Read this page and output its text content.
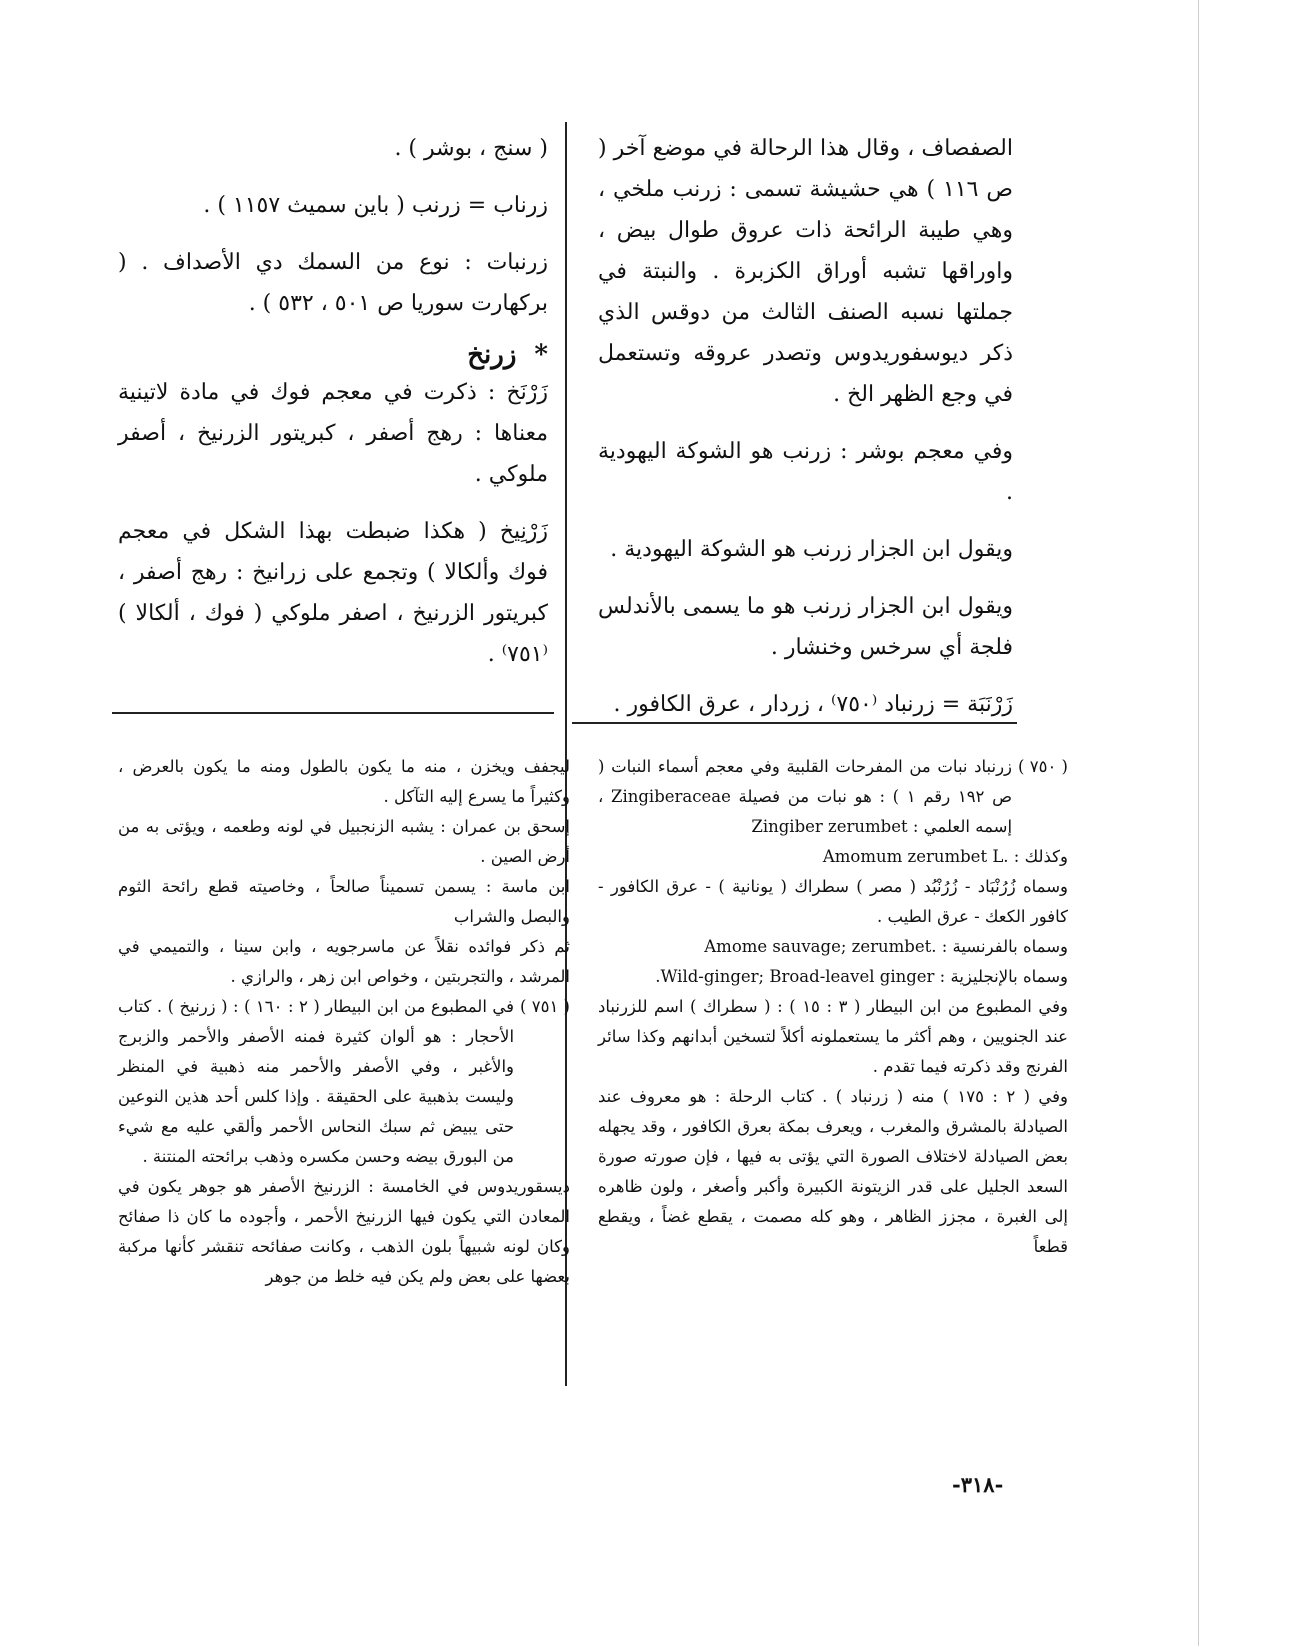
الصفصاف ، وقال هذا الرحالة في موضع آخر ( ص ١١٦ ) هي حشيشة تسمى : زرنب ملخي ، وهي طيبة الرائحة ذات عروق طوال بيض ، واوراقها تشبه أوراق الكزبرة . والنبتة في جملتها نسبه الصنف الثالث من دوقس الذي ذكر ديوسفوريدوس وتصدر عروقه وتستعمل في وجع الظهر الخ .

وفي معجم بوشر : زرنب هو الشوكة اليهودية .

ويقول ابن الجزار زرنب هو الشوكة اليهودية .

ويقول ابن الجزار زرنب هو ما يسمى بالأندلس فلجة أي سرخس وخنشار .

زَرْنَبَة = زرنباد ⁽٧٥٠⁾ ، زردار ، عرق الكافور .

( سنج ، بوشر ) .

زرناب = زرنب ( باين سميث ١١٥٧ ) .

زرنبات : نوع من السمك دي الأصداف . ( بركهارت سوريا ص ٥٠١ ، ٥٣٢ ) .

*
زرنخ

زَرْنَخ : ذكرت في معجم فوك في مادة لاتينية معناها : رهج أصفر ، كبريتور الزرنيخ ، أصفر ملوكي .

زَرْنِيخ ( هكذا ضبطت بهذا الشكل في معجم فوك وألكالا ) وتجمع على زرانيخ : رهج أصفر ، كبريتور الزرنيخ ، اصفر ملوكي ( فوك ، ألكالا ) ⁽٧٥١⁾ .

( ٧٥٠ )
زرنباد نبات من المفرحات القلبية وفي معجم أسماء النبات ( ص ١٩٢ رقم ١ ) : هو نبات من فصيلة Zingiberaceae ، إسمه العلمي : Zingiber zerumbet

وكذلك : .Amomum zerumbet L

وسماه زُرُنْبَاد - زُرُنْبُد ( مصر ) سطراك ( يونانية ) - عرق الكافور - كافور الكعك - عرق الطيب .

وسماه بالفرنسية : .Amome sauvage; zerumbet

وسماه بالإنجليزية : Wild-ginger; Broad-leavel ginger.

وفي المطبوع من ابن البيطار ( ٣ : ١٥ ) : ( سطراك ) اسم للزرنباد عند الجنويين ، وهم أكثر ما يستعملونه أكلاً لتسخين أبدانهم وكذا سائر الفرنج وقد ذكرته فيما تقدم .

وفي ( ٢ : ١٧٥ ) منه ( زرنباد ) . كتاب الرحلة : هو معروف عند الصيادلة بالمشرق والمغرب ، ويعرف بمكة بعرق الكافور ، وقد يجهله بعض الصيادلة لاختلاف الصورة التي يؤتى به فيها ، فإن صورته صورة السعد الجليل على قدر الزيتونة الكبيرة وأكبر وأصغر ، ولون ظاهره إلى الغبرة ، مجزز الظاهر ، وهو كله مصمت ، يقطع غضاً ، ويقطع قطعاً

ليجفف ويخزن ، منه ما يكون بالطول ومنه ما يكون بالعرض ، وكثيراً ما يسرع إليه التآكل .

إسحق بن عمران : يشبه الزنجبيل في لونه وطعمه ، ويؤتى به من أرض الصين .

ابن ماسة : يسمن تسميناً صالحاً ، وخاصيته قطع رائحة الثوم والبصل والشراب

ثم ذكر فوائده نقلاً عن ماسرجويه ، وابن سينا ، والتميمي في المرشد ، والتجربتين ، وخواص ابن زهر ، والرازي .

( ٧٥١ )
في المطبوع من ابن البيطار ( ٢ : ١٦٠ ) : ( زرنيخ ) . كتاب الأحجار : هو ألوان كثيرة فمنه الأصفر والأحمر والزبرج والأغبر ، وفي الأصفر والأحمر منه ذهبية في المنظر وليست بذهبية على الحقيقة . وإذا كلس أحد هذين النوعين حتى يبيض ثم سبك النحاس الأحمر وألقي عليه مع شيء من البورق بيضه وحسن مكسره وذهب برائحته المنتنة .

ديسقوريدوس في الخامسة : الزرنيخ الأصفر هو جوهر يكون في المعادن التي يكون فيها الزرنيخ الأحمر ، وأجوده ما كان ذا صفائح وكان لونه شبيهاً بلون الذهب ، وكانت صفائحه تنقشر كأنها مركبة بعضها على بعض ولم يكن فيه خلط من جوهر

-٣١٨-
